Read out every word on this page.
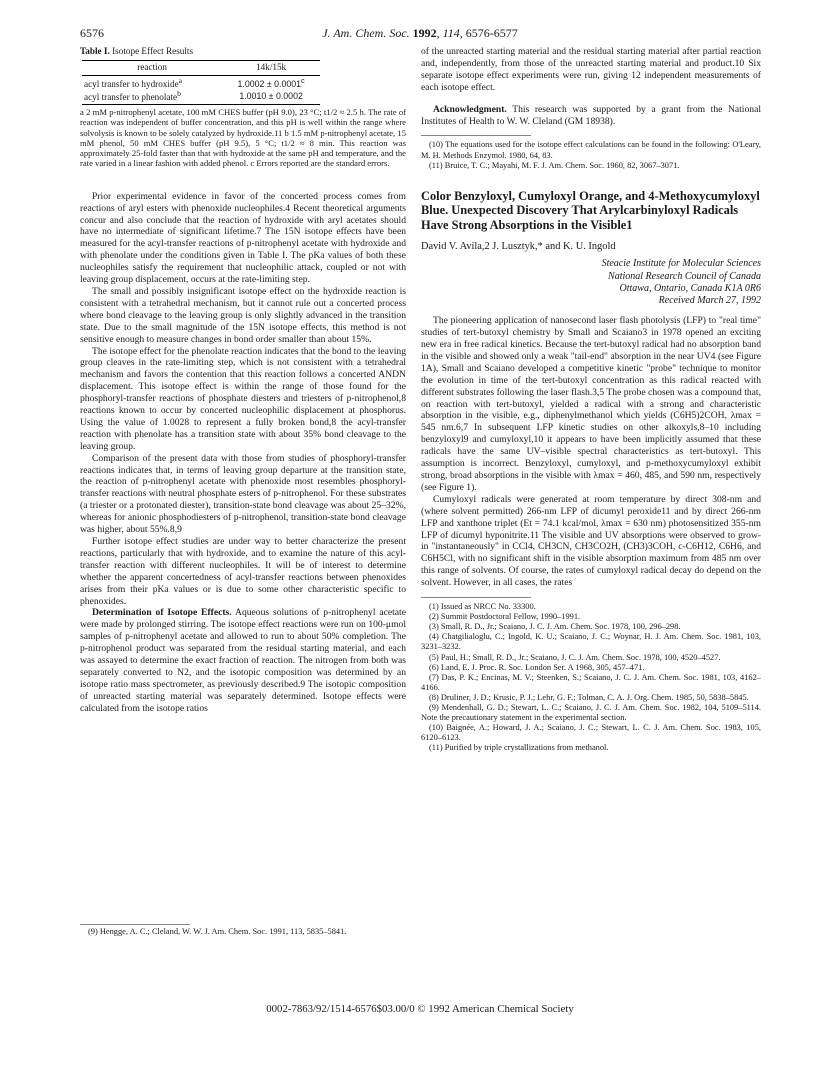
6576	J. Am. Chem. Soc. 1992, 114, 6576-6577
Table I. Isotope Effect Results
reaction	14k/15k
acyl transfer to hydroxide$^a$	1.0002 ± 0.0001$^c$
acyl transfer to phenolate$^b$	1.0010 ± 0.0002
a 2 mM p-nitrophenyl acetate, 100 mM CHES buffer (pH 9.0), 23 °C; t1/2 ≈ 2.5 h. The rate of reaction was independent of buffer concentration, and this pH is well within the range where solvolysis is known to be solely catalyzed by hydroxide.11 b 1.5 mM p-nitrophenyl acetate, 15 mM phenol, 50 mM CHES buffer (pH 9.5), 5 °C; t1/2 ≈ 8 min. This reaction was approximately 25-fold faster than that with hydroxide at the same pH and temperature, and the rate varied in a linear fashion with added phenol. c Errors reported are the standard errors.

Prior experimental evidence in favor of the concerted process comes from reactions of aryl esters with phenoxide nucleophiles.4 Recent theoretical arguments concur and also conclude that the reaction of hydroxide with aryl acetates should have no intermediate of significant lifetime.7 The 15N isotope effects have been measured for the acyl-transfer reactions of p-nitrophenyl acetate with hydroxide and with phenolate under the conditions given in Table I. The pKa values of both these nucleophiles satisfy the requirement that nucleophilic attack, coupled or not with leaving group displacement, occurs at the rate-limiting step.

The small and possibly insignificant isotope effect on the hydroxide reaction is consistent with a tetrahedral mechanism, but it cannot rule out a concerted process where bond cleavage to the leaving group is only slightly advanced in the transition state. Due to the small magnitude of the 15N isotope effects, this method is not sensitive enough to measure changes in bond order smaller than about 15%.

The isotope effect for the phenolate reaction indicates that the bond to the leaving group cleaves in the rate-limiting step, which is not consistent with a tetrahedral mechanism and favors the contention that this reaction follows a concerted ANDN displacement. This isotope effect is within the range of those found for the phosphoryl-transfer reactions of phosphate diesters and triesters of p-nitrophenol,8 reactions known to occur by concerted nucleophilic displacement at phosphorus. Using the value of 1.0028 to represent a fully broken bond,8 the acyl-transfer reaction with phenolate has a transition state with about 35% bond cleavage to the leaving group.

Comparison of the present data with those from studies of phosphoryl-transfer reactions indicates that, in terms of leaving group departure at the transition state, the reaction of p-nitrophenyl acetate with phenoxide most resembles phosphoryl-transfer reactions with neutral phosphate esters of p-nitrophenol. For these substrates (a triester or a protonated diester), transition-state bond cleavage was about 25–32%, whereas for anionic phosphodiesters of p-nitrophenol, transition-state bond cleavage was higher, about 55%.8,9

Further isotope effect studies are under way to better characterize the present reactions, particularly that with hydroxide, and to examine the nature of this acyl-transfer reaction with different nucleophiles. It will be of interest to determine whether the apparent concertedness of acyl-transfer reactions between phenoxides arises from their pKa values or is due to some other characteristic specific to phenoxides.

Determination of Isotope Effects. Aqueous solutions of p-nitrophenyl acetate were made by prolonged stirring. The isotope effect reactions were run on 100-μmol samples of p-nitrophenyl acetate and allowed to run to about 50% completion. The p-nitrophenol product was separated from the residual starting material, and each was assayed to determine the exact fraction of reaction. The nitrogen from both was separately converted to N2, and the isotopic composition was determined by an isotope ratio mass spectrometer, as previously described.9 The isotopic composition of unreacted starting material was separately determined. Isotope effects were calculated from the isotope ratios

(9) Hengge, A. C.; Cleland, W. W. J. Am. Chem. Soc. 1991, 113, 5835–5841.

of the unreacted starting material and the residual starting material after partial reaction and, independently, from those of the unreacted starting material and product.10 Six separate isotope effect experiments were run, giving 12 independent measurements of each isotope effect.

Acknowledgment. This research was supported by a grant from the National Institutes of Health to W. W. Cleland (GM 18938).

(10) The equations used for the isotope effect calculations can be found in the following: O'Leary, M. H. Methods Enzymol. 1980, 64, 83.

(11) Bruice, T. C.; Mayahi, M. F. J. Am. Chem. Soc. 1960, 82, 3067–3071.

Color Benzyloxyl, Cumyloxyl Orange, and 4-Methoxycumyloxyl Blue. Unexpected Discovery That Arylcarbinyloxyl Radicals Have Strong Absorptions in the Visible1
David V. Avila,2 J. Lusztyk,* and K. U. Ingold
Steacie Institute for Molecular Sciences
National Research Council of Canada
Ottawa, Ontario, Canada K1A 0R6
Received March 27, 1992

The pioneering application of nanosecond laser flash photolysis (LFP) to "real time" studies of tert-butoxyl chemistry by Small and Scaiano3 in 1978 opened an exciting new era in free radical kinetics. Because the tert-butoxyl radical had no absorption band in the visible and showed only a weak "tail-end" absorption in the near UV4 (see Figure 1A), Small and Scaiano developed a competitive kinetic "probe" technique to monitor the evolution in time of the tert-butoxyl concentration as this radical reacted with different substrates following the laser flash.3,5 The probe chosen was a compound that, on reaction with tert-butoxyl, yielded a radical with a strong and characteristic absorption in the visible, e.g., diphenylmethanol which yields (C6H5)2COH, λmax = 545 nm.6,7 In subsequent LFP kinetic studies on other alkoxyls,8–10 including benzyloxyl9 and cumyloxyl,10 it appears to have been implicitly assumed that these radicals have the same UV–visible spectral characteristics as tert-butoxyl. This assumption is incorrect. Benzyloxyl, cumyloxyl, and p-methoxycumyloxyl exhibit strong, broad absorptions in the visible with λmax = 460, 485, and 590 nm, respectively (see Figure 1).

Cumyloxyl radicals were generated at room temperature by direct 308-nm and (where solvent permitted) 266-nm LFP of dicumyl peroxide11 and by direct 266-nm LFP and xanthone triplet (Et = 74.1 kcal/mol, λmax = 630 nm) photosensitized 355-nm LFP of dicumyl hyponitrite.11 The visible and UV absorptions were observed to grow-in "instantaneously" in CCl4, CH3CN, CH3CO2H, (CH3)3COH, c-C6H12, C6H6, and C6H5Cl, with no significant shift in the visible absorption maximum from 485 nm over this range of solvents. Of course, the rates of cumyloxyl radical decay do depend on the solvent. However, in all cases, the rates

(1) Issued as NRCC No. 33300.

(2) Summit Postdoctoral Fellow, 1990–1991.

(3) Small, R. D., Jr.; Scaiano, J. C. J. Am. Chem. Soc. 1978, 100, 296–298.

(4) Chatgilialoglu, C.; Ingold, K. U.; Scaiano, J. C.; Woynar, H. J. Am. Chem. Soc. 1981, 103, 3231–3232.

(5) Paul, H.; Small, R. D., Jr.; Scaiano, J. C. J. Am. Chem. Soc. 1978, 100, 4520–4527.

(6) Land, E. J. Proc. R. Soc. London Ser. A 1968, 305, 457–471.

(7) Das, P. K.; Encinas, M. V.; Steenken, S.; Scaiano, J. C. J. Am. Chem. Soc. 1981, 103, 4162–4166.

(8) Druliner, J. D.; Krusic, P. J.; Lehr, G. F.; Tolman, C. A. J. Org. Chem. 1985, 50, 5838–5845.

(9) Mendenhall, G. D.; Stewart, L. C.; Scaiano, J. C. J. Am. Chem. Soc. 1982, 104, 5109–5114. Note the precautionary statement in the experimental section.

(10) Baignée, A.; Howard, J. A.; Scaiano, J. C.; Stewart, L. C. J. Am. Chem. Soc. 1983, 105, 6120–6123.

(11) Purified by triple crystallizations from methanol.

0002-7863/92/1514-6576$03.00/0 © 1992 American Chemical Society
